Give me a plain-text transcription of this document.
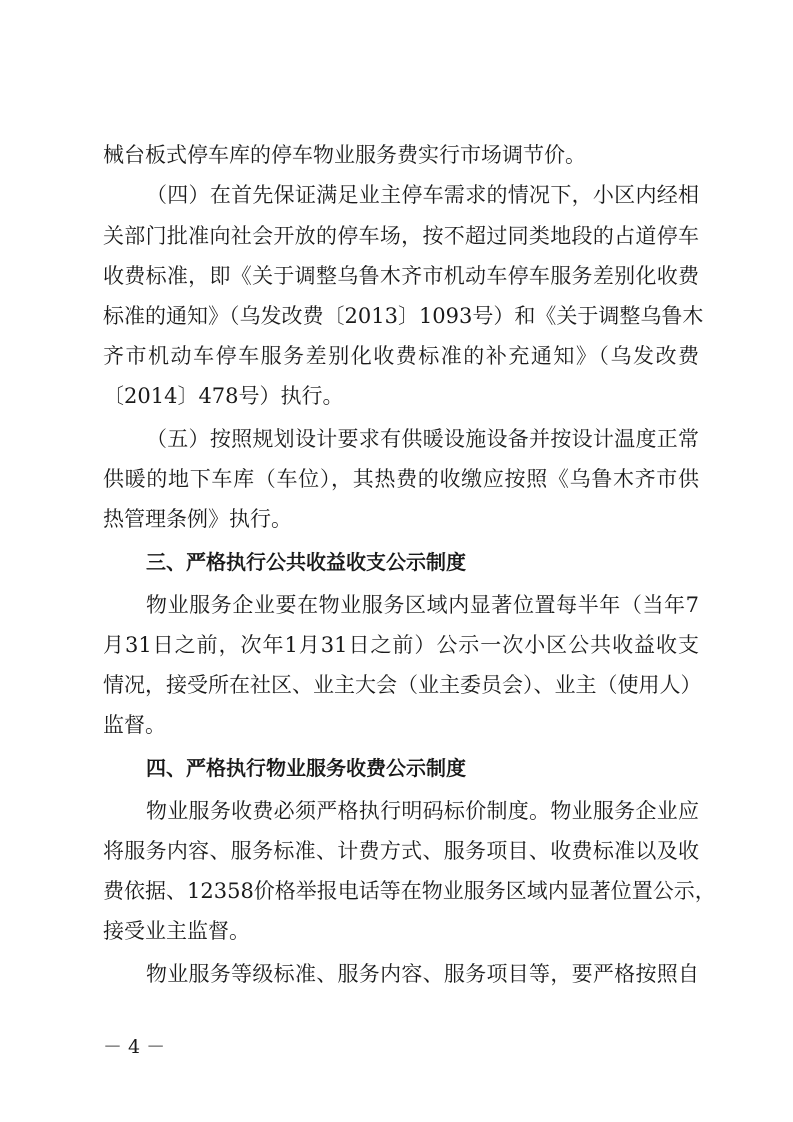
械台板式停车库的停车物业服务费实行市场调节价。
（四）在首先保证满足业主停车需求的情况下，小区内经相
关部门批准向社会开放的停车场，按不超过同类地段的占道停车
收费标准，即《关于调整乌鲁木齐市机动车停车服务差别化收费
标准的通知》（乌发改费〔2013〕1093号）和《关于调整乌鲁木
齐市机动车停车服务差别化收费标准的补充通知》（乌发改费
〔2014〕478号）执行。
（五）按照规划设计要求有供暖设施设备并按设计温度正常
供暖的地下车库（车位），其热费的收缴应按照《乌鲁木齐市供
热管理条例》执行。
三、严格执行公共收益收支公示制度
物业服务企业要在物业服务区域内显著位置每半年（当年7
月31日之前，次年1月31日之前）公示一次小区公共收益收支
情况，接受所在社区、业主大会（业主委员会）、业主（使用人）
监督。
四、严格执行物业服务收费公示制度
物业服务收费必须严格执行明码标价制度。物业服务企业应
将服务内容、服务标准、计费方式、服务项目、收费标准以及收
费依据、12358价格举报电话等在物业服务区域内显著位置公示，
接受业主监督。
－ 4 －
物业服务等级标准、服务内容、服务项目等，要严格按照自
